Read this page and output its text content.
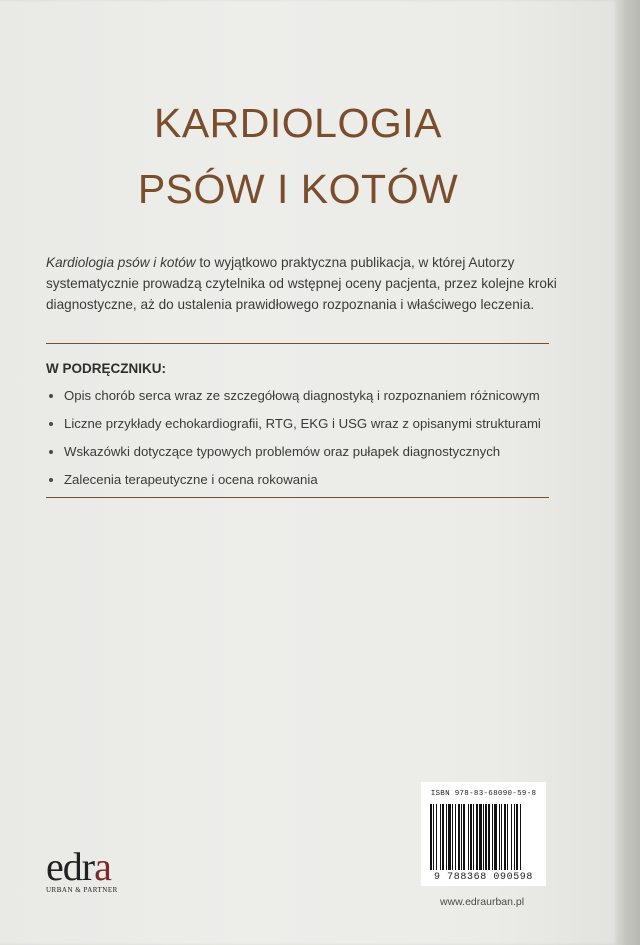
KARDIOLOGIA
PSÓW I KOTÓW
Kardiologia psów i kotów to wyjątkowo praktyczna publikacja, w której Autorzy systematycznie prowadzą czytelnika od wstępnej oceny pacjenta, przez kolejne kroki diagnostyczne, aż do ustalenia prawidłowego rozpoznania i właściwego leczenia.
W PODRĘCZNIKU:
Opis chorób serca wraz ze szczegółową diagnostyką i rozpoznaniem różnicowym
Liczne przykłady echokardiografii, RTG, EKG i USG wraz z opisanymi strukturami
Wskazówki dotyczące typowych problemów oraz pułapek diagnostycznych
Zalecenia terapeutyczne i ocena rokowania
edra
URBAN & PARTNER
ISBN 978-83-68090-59-8
9 788368 090598
www.edraurban.pl
